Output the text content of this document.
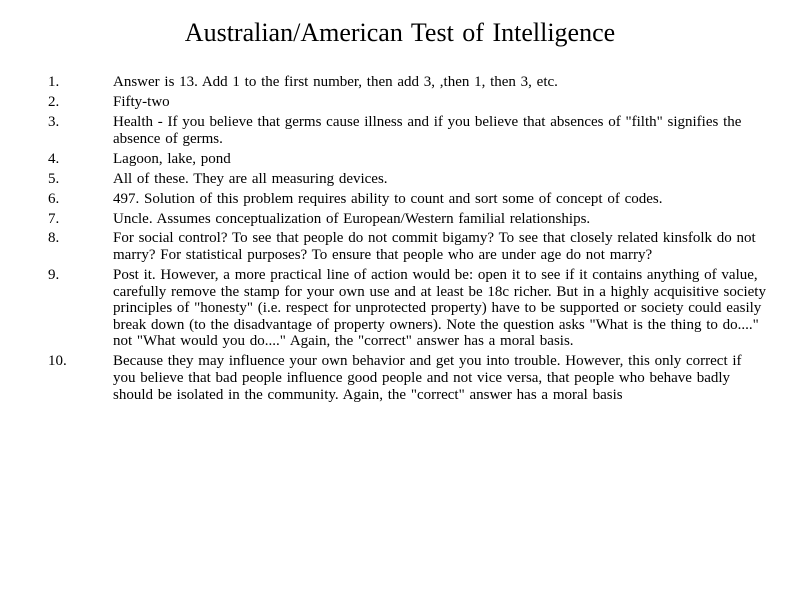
Australian/American Test of Intelligence
1.	Answer is 13. Add 1 to the first number, then add 3, ,then 1, then 3, etc.
2.	Fifty-two
3.	Health - If you believe that germs cause illness and if you believe that absences of "filth" signifies the absence of germs.
4.	Lagoon, lake, pond
5.	All of these. They are all measuring devices.
6.	497. Solution of this problem requires ability to count and sort some of concept of codes.
7.	Uncle. Assumes conceptualization of European/Western familial relationships.
8.	For social control? To see that people do not commit bigamy? To see that closely related kinsfolk do not marry? For statistical purposes? To ensure that people who are under age do not marry?
9.	Post it. However, a more practical line of action would be: open it to see if it contains anything of value, carefully remove the stamp for your own use and at least be 18c richer. But in a highly acquisitive society principles of "honesty" (i.e. respect for unprotected property) have to be supported or society could easily break down (to the disadvantage of property owners). Note the question asks "What is the thing to do...." not "What would you do...." Again, the "correct" answer has a moral basis.
10.	Because they may influence your own behavior and get you into trouble. However, this only correct if you believe that bad people influence good people and not vice versa, that people who behave badly should be isolated in the community. Again, the "correct" answer has a moral basis
